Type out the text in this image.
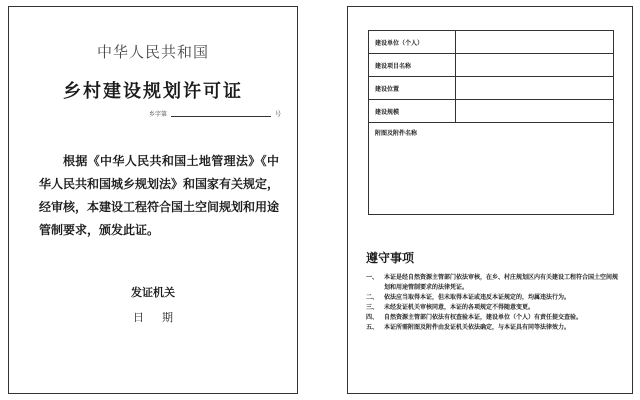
中华人民共和国
乡村建设规划许可证
乡字第	号
根据《中华人民共和国土地管理法》《中华人民共和国城乡规划法》和国家有关规定，经审核，本建设工程符合国土空间规划和用途管制要求，颁发此证。
发证机关
日期
建设单位（个人）	
建设项目名称	
建设位置	
建设规模	
附图及附件名称	
遵守事项
一、 本证是经自然资源主管部门依法审核，在乡、村庄规划区内有关建设工程符合国土空间规划和用途管制要求的法律凭证。
二、 依法应当取得本证，但未取得本证或违反本证规定的，均属违法行为。
三、 未经发证机关审核同意，本证的各项规定不得随意变更。
四、 自然资源主管部门依法有权查验本证，建设单位（个人）有责任提交查验。
五、 本证所需附图及附件由发证机关依法确定，与本证具有同等法律效力。
